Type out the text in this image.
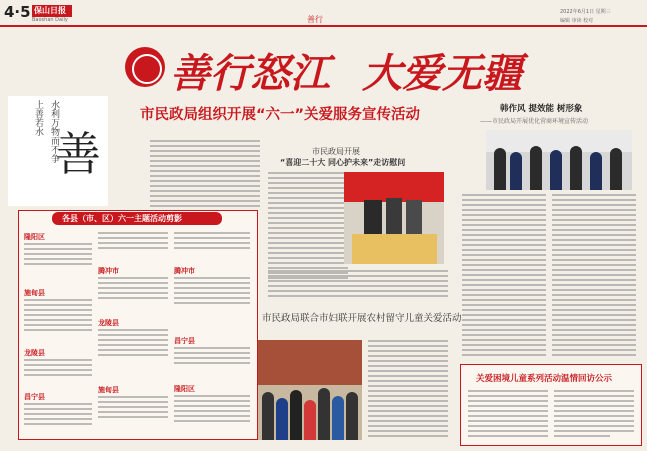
4·5 保山日报
Baoshan Daily	善行
2022年6月1日 星期三
编辑 审读 校对
善行怒江 大爱无疆
上善若水 水利万物而不争
善
市民政局组织开展“六一”关爱服务宣传活动
市民政局开展
“喜迎二十大 同心护未来”走访慰问
市民政局联合市妇联开展农村留守儿童关爱活动
各县（市、区）六一主题活动剪影
隆阳区
施甸县
龙陵县
昌宁县
腾冲市
龙陵县
施甸县
腾冲市
昌宁县
隆阳区
韩作风 提效能 树形象
——市民政局开展优化营商环境宣传活动
关爱困境儿童系列活动温情回访公示
